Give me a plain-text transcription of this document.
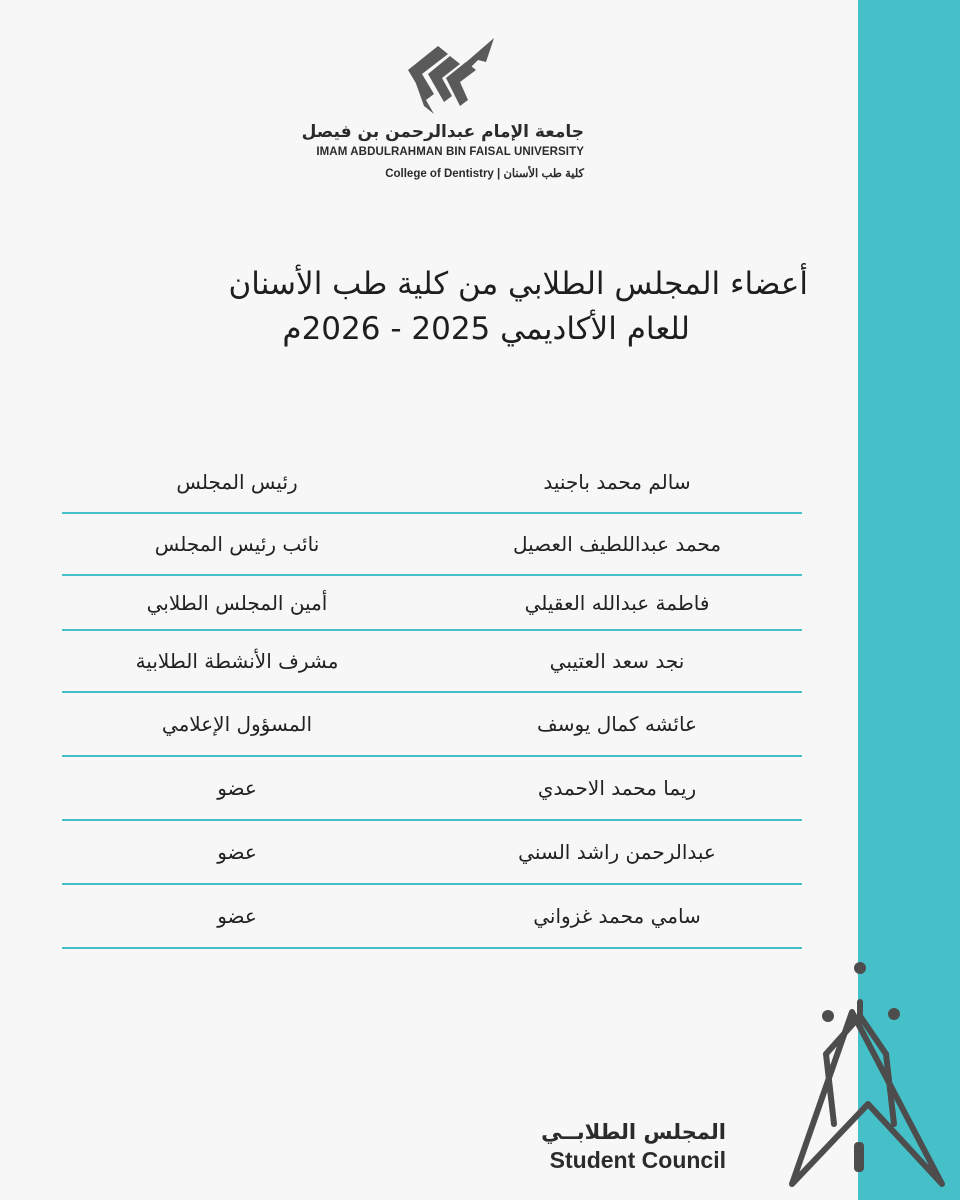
جامعة الإمام عبدالرحمن بن فيصل
IMAM ABDULRAHMAN BIN FAISAL UNIVERSITY
College of Dentistry | كلية طب الأسنان
أعضاء المجلس الطلابي من كلية طب الأسنان
للعام الأكاديمي 2025 - 2026م
سالم محمد باجنيد
رئيس المجلس
محمد عبداللطيف العصيل
نائب رئيس المجلس
فاطمة عبدالله العقيلي
أمين المجلس الطلابي
نجد سعد العتيبي
مشرف الأنشطة الطلابية
عائشه كمال يوسف
المسؤول الإعلامي
ريما محمد الاحمدي
عضو
عبدالرحمن راشد السني
عضو
سامي محمد غزواني
عضو
المجلس الطلابــي
Student Council
